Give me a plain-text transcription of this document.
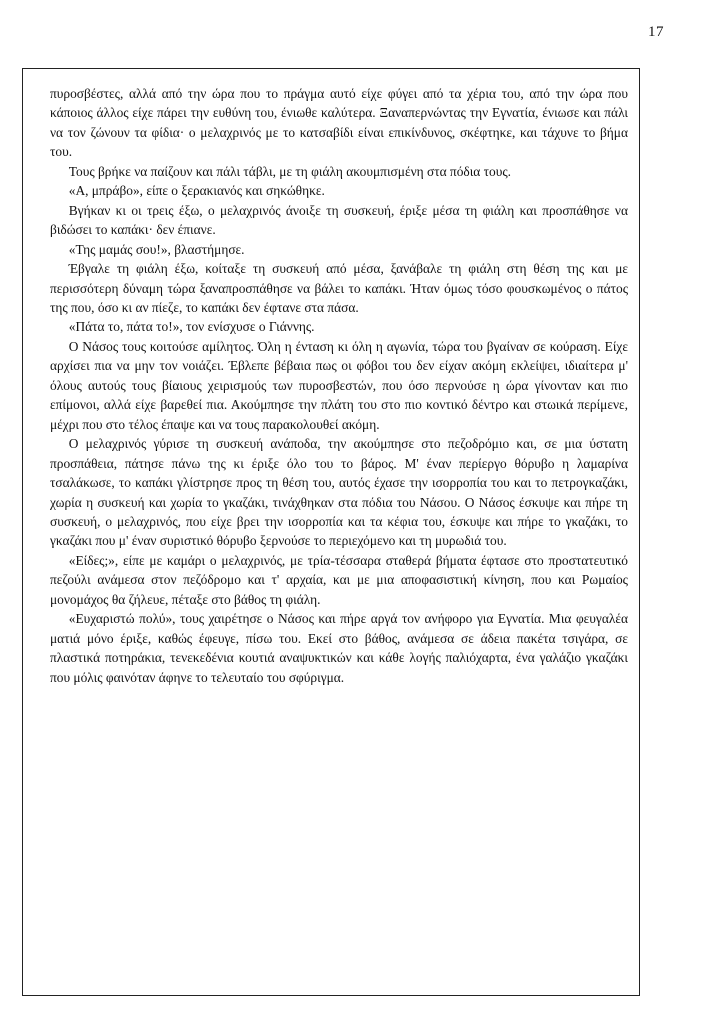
17

πυροσβέστες, αλλά από την ώρα που το πράγμα αυτό είχε φύγει από τα χέρια του, από την ώρα που κάποιος άλλος είχε πάρει την ευθύνη του, ένιωθε καλύτερα. Ξαναπερνώντας την Εγνατία, ένιωσε και πάλι να τον ζώνουν τα φίδια· ο μελαχρινός με το κατσαβίδι είναι επικίνδυνος, σκέφτηκε, και τάχυνε το βήμα του.

Τους βρήκε να παίζουν και πάλι τάβλι, με τη φιάλη ακουμπισμένη στα πόδια τους.

«Α, μπράβο», είπε ο ξερακιανός και σηκώθηκε.

Βγήκαν κι οι τρεις έξω, ο μελαχρινός άνοιξε τη συσκευή, έριξε μέσα τη φιάλη και προσπάθησε να βιδώσει το καπάκι· δεν έπιανε.

«Της μαμάς σου!», βλαστήμησε.

Έβγαλε τη φιάλη έξω, κοίταξε τη συσκευή από μέσα, ξανάβαλε τη φιάλη στη θέση της και με περισσότερη δύναμη τώρα ξαναπροσπάθησε να βάλει το καπάκι. Ήταν όμως τόσο φουσκωμένος ο πάτος της που, όσο κι αν πίεζε, το καπάκι δεν έφτανε στα πάσα.

«Πάτα το, πάτα το!», τον ενίσχυσε ο Γιάννης.

Ο Νάσος τους κοιτούσε αμίλητος. Όλη η ένταση κι όλη η αγωνία, τώρα του βγαίναν σε κούραση. Είχε αρχίσει πια να μην τον νοιάζει. Έβλεπε βέβαια πως οι φόβοι του δεν είχαν ακόμη εκλείψει, ιδιαίτερα μ' όλους αυτούς τους βίαιους χειρισμούς των πυροσβεστών, που όσο περνούσε η ώρα γίνονταν και πιο επίμονοι, αλλά είχε βαρεθεί πια. Ακούμπησε την πλάτη του στο πιο κοντικό δέντρο και στωικά περίμενε, μέχρι που στο τέλος έπαψε και να τους παρακολουθεί ακόμη.

Ο μελαχρινός γύρισε τη συσκευή ανάποδα, την ακούμπησε στο πεζοδρόμιο και, σε μια ύστατη προσπάθεια, πάτησε πάνω της κι έριξε όλο του το βάρος. Μ' έναν περίεργο θόρυβο η λαμαρίνα τσαλάκωσε, το καπάκι γλίστρησε προς τη θέση του, αυτός έχασε την ισορροπία του και το πετρογκαζάκι, χωρία η συσκευή και χωρία το γκαζάκι, τινάχθηκαν στα πόδια του Νάσου. Ο Νάσος έσκυψε και πήρε τη συσκευή, ο μελαχρινός, που είχε βρει την ισορροπία και τα κέφια του, έσκυψε και πήρε το γκαζάκι, το γκαζάκι που μ' έναν συριστικό θόρυβο ξερνούσε το περιεχόμενο και τη μυρωδιά του.

«Είδες;», είπε με καμάρι ο μελαχρινός, με τρία-τέσσαρα σταθερά βήματα έφτασε στο προστατευτικό πεζούλι ανάμεσα στον πεζόδρομο και τ' αρχαία, και με μια αποφασιστική κίνηση, που και Ρωμαίος μονομάχος θα ζήλευε, πέταξε στο βάθος τη φιάλη.

«Ευχαριστώ πολύ», τους χαιρέτησε ο Νάσος και πήρε αργά τον ανήφορο για Εγνατία. Μια φευγαλέα ματιά μόνο έριξε, καθώς έφευγε, πίσω του. Εκεί στο βάθος, ανάμεσα σε άδεια πακέτα τσιγάρα, σε πλαστικά ποτηράκια, τενεκεδένια κουτιά αναψυκτικών και κάθε λογής παλιόχαρτα, ένα γαλάζιο γκαζάκι που μόλις φαινόταν άφηνε το τελευταίο του σφύριγμα.
